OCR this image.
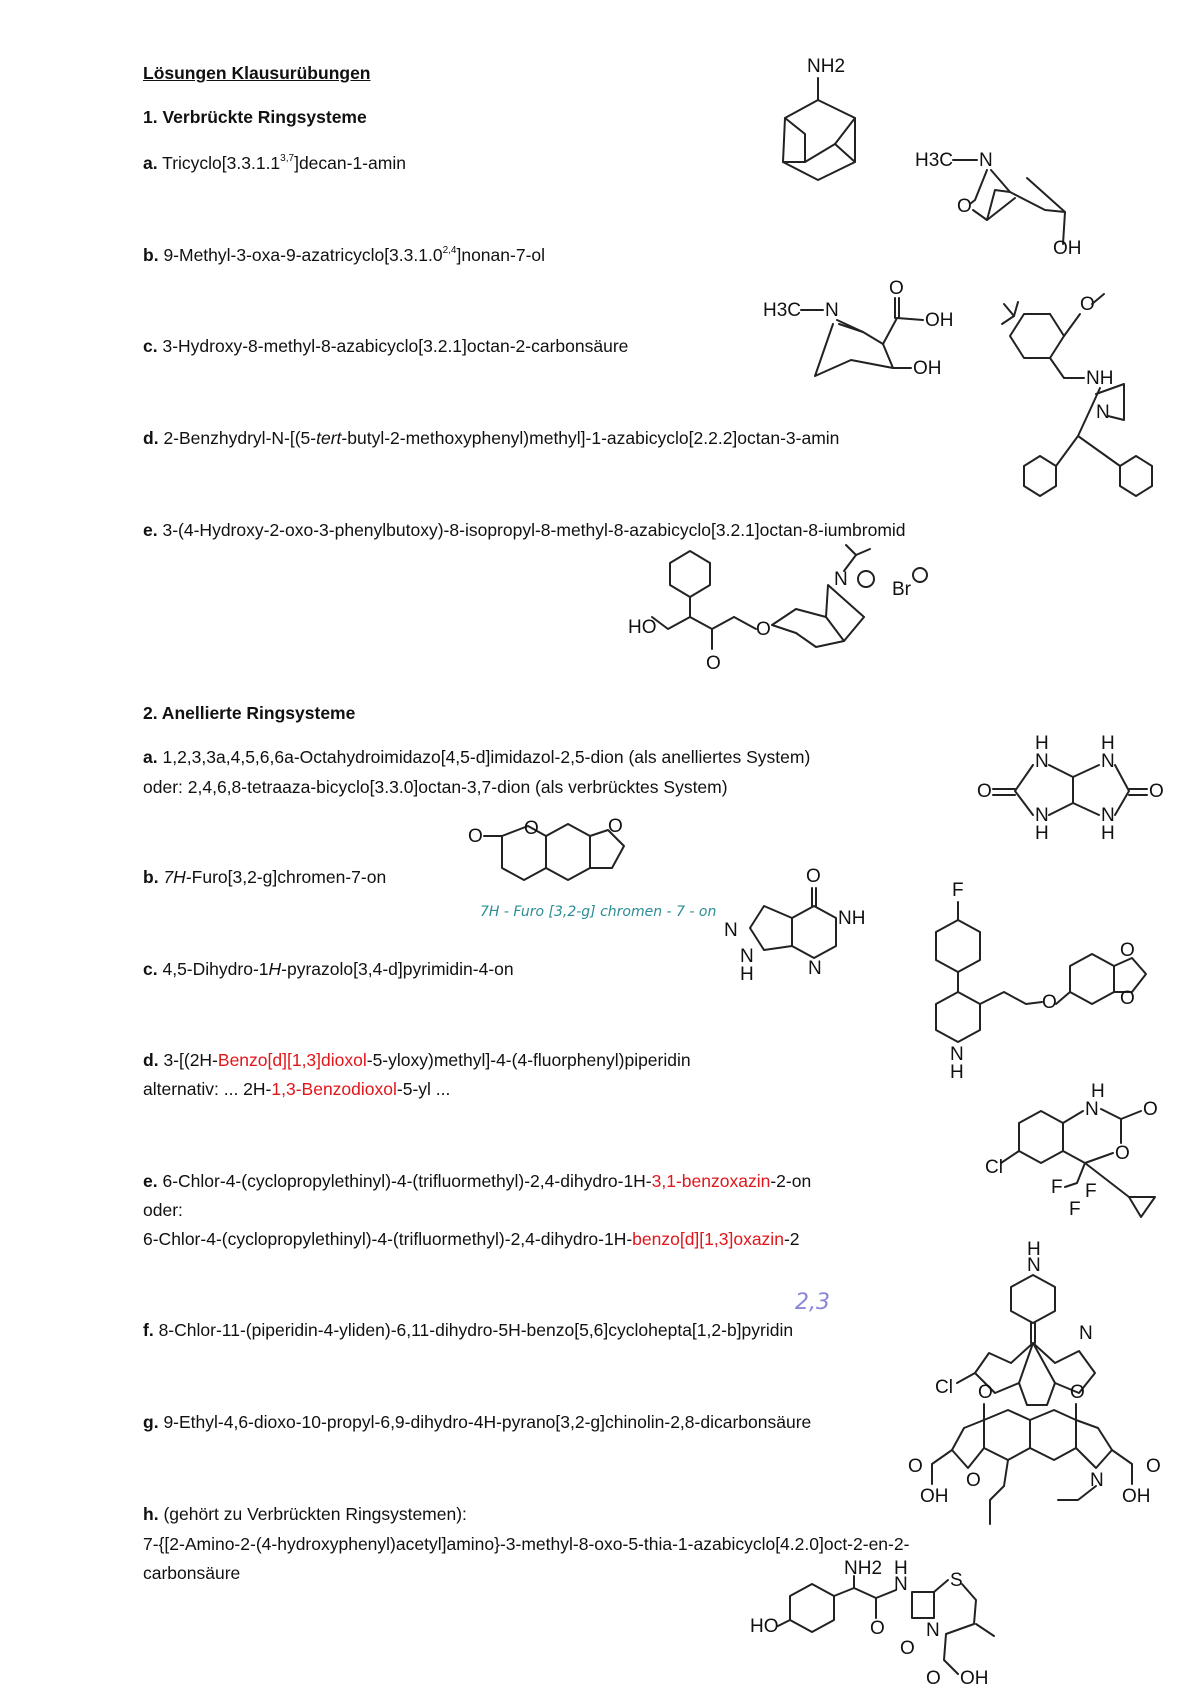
Lösungen Klausurübungen
1. Verbrückte Ringsysteme
a. Tricyclo[3.3.1.1$^{3,7}$]decan-1-amin
b. 9-Methyl-3-oxa-9-azatricyclo[3.3.1.0$^{2,4}$]nonan-7-ol
c. 3-Hydroxy-8-methyl-8-azabicyclo[3.2.1]octan-2-carbonsäure
d. 2-Benzhydryl-N-[(5-tert-butyl-2-methoxyphenyl)methyl]-1-azabicyclo[2.2.2]octan-3-amin
e. 3-(4-Hydroxy-2-oxo-3-phenylbutoxy)-8-isopropyl-8-methyl-8-azabicyclo[3.2.1]octan-8-iumbromid
2. Anellierte Ringsysteme
a. 1,2,3,3a,4,5,6,6a-Octahydroimidazo[4,5-d]imidazol-2,5-dion (als anelliertes System)
oder: 2,4,6,8-tetraaza-bicyclo[3.3.0]octan-3,7-dion (als verbrücktes System)
b. 7H-Furo[3,2-g]chromen-7-on
c. 4,5-Dihydro-1H-pyrazolo[3,4-d]pyrimidin-4-on
d. 3-[(2H-Benzo[d][1,3]dioxol-5-yloxy)methyl]-4-(4-fluorphenyl)piperidin
alternativ: ... 2H-1,3-Benzodioxol-5-yl ...
e. 6-Chlor-4-(cyclopropylethinyl)-4-(trifluormethyl)-2,4-dihydro-1H-3,1-benzoxazin-2-on
oder:
6-Chlor-4-(cyclopropylethinyl)-4-(trifluormethyl)-2,4-dihydro-1H-benzo[d][1,3]oxazin-2
f. 8-Chlor-11-(piperidin-4-yliden)-6,11-dihydro-5H-benzo[5,6]cyclohepta[1,2-b]pyridin
2,3
g. 9-Ethyl-4,6-dioxo-10-propyl-6,9-dihydro-4H-pyrano[3,2-g]chinolin-2,8-dicarbonsäure
h. (gehört zu Verbrückten Ringsystemen):
7-{[2-Amino-2-(4-hydroxyphenyl)acetyl]amino}-3-methyl-8-oxo-5-thia-1-azabicyclo[4.2.0]oct-2-en-2-
carbonsäure
NH2
H3C N
O
OH
H3C N
O
OH
OH
O
NH
N
HO
O
O
N Br
H
N
N
H
H
N
N
H
O	O
O O	O
7H - Furo [3,2-g] chromen - 7 - on
O
NH
N
N
N
H
F
N
H
O
O
O
H
N O
O
Cl
F
F
F
H
N
N
Cl O	O
O	N
O
OH
O
OH
NH2
HO	O
N
H
N
O
S
O OH
